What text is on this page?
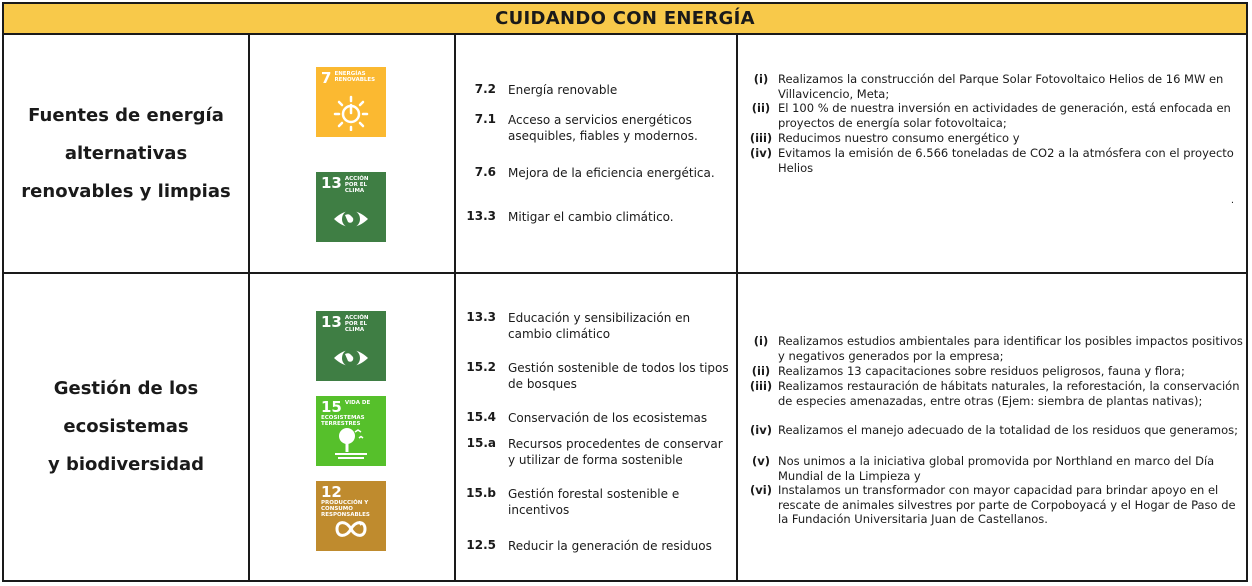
CUIDANDO CON ENERGÍA
Fuentes de energía
alternativas
renovables y limpias
7 ENERGÍAS RENOVABLES
13 ACCIÓN POR EL CLIMA
7.2 Energía renovable
7.1 Acceso a servicios energéticos asequibles, fiables y modernos.
7.6 Mejora de la eficiencia energética.
13.3 Mitigar el cambio climático.
(i) Realizamos la construcción del Parque Solar Fotovoltaico Helios de 16 MW en Villavicencio, Meta;
(ii) El 100 % de nuestra inversión en actividades de generación, está enfocada en proyectos de energía solar fotovoltaica;
(iii) Reducimos nuestro consumo energético y
(iv) Evitamos la emisión de 6.566 toneladas de CO2 a la atmósfera con el proyecto Helios
.
Gestión de los
ecosistemas
y biodiversidad
13 ACCIÓN POR EL CLIMA
15 VIDA DE ECOSISTEMAS TERRESTRES
12
PRODUCCIÓN Y CONSUMO RESPONSABLES
13.3 Educación y sensibilización en cambio climático
15.2 Gestión sostenible de todos los tipos de bosques
15.4 Conservación de los ecosistemas
15.a Recursos procedentes de conservar y utilizar de forma sostenible
15.b Gestión forestal sostenible e incentivos
12.5 Reducir la generación de residuos
(i) Realizamos estudios ambientales para identificar los posibles impactos positivos y negativos generados por la empresa;
(ii) Realizamos 13 capacitaciones sobre residuos peligrosos, fauna y flora;
(iii) Realizamos restauración de hábitats naturales, la reforestación, la conservación de especies amenazadas, entre otras (Ejem: siembra de plantas nativas);
(iv) Realizamos el manejo adecuado de la totalidad de los residuos que generamos;
(v) Nos unimos a la iniciativa global promovida por Northland en marco del Día Mundial de la Limpieza y
(vi) Instalamos un transformador con mayor capacidad para brindar apoyo en el rescate de animales silvestres por parte de Corpoboyacá y el Hogar de Paso de la Fundación Universitaria Juan de Castellanos.
